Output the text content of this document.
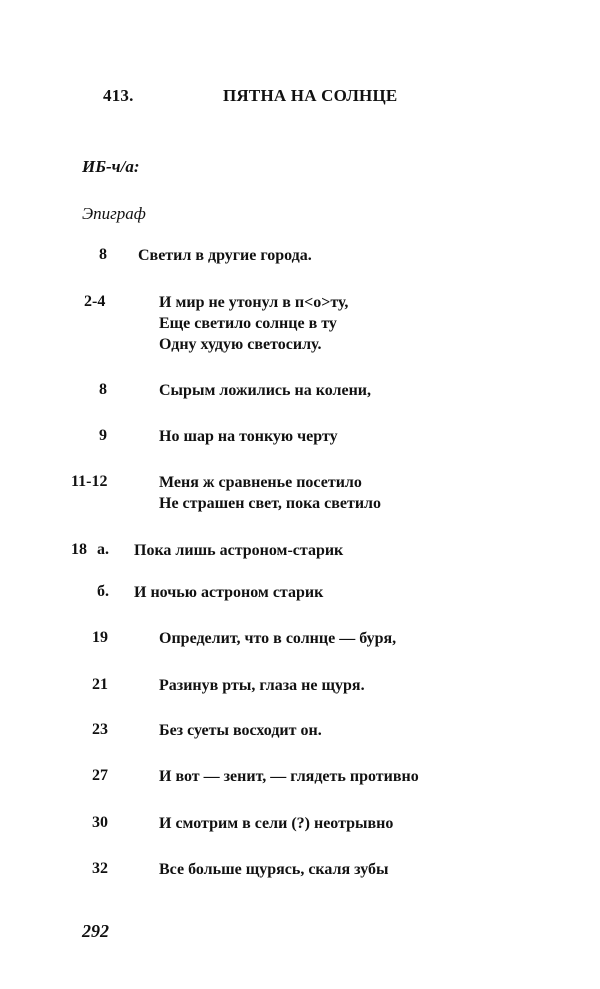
413.	ПЯТНА НА СОЛНЦЕ
ИБ-ч/а:
Эпиграф
8 Светил в другие города.
2-4	И мир не утонул в п<о>ту,
Еще светило солнце в ту
Одну худую светосилу.
8	Сырым ложились на колени,
9	Но шар на тонкую черту
11-12	Меня ж сравненье посетило
Не страшен свет, пока светило
18 а. Пока лишь астроном-старик
б. И ночью астроном старик
19	Определит, что в солнце — буря,
21	Разинув рты, глаза не щуря.
23	Без суеты восходит он.
27	И вот — зенит, — глядеть противно
30	И смотрим в сели (?) неотрывно
32	Все больше щурясь, скаля зубы
292
